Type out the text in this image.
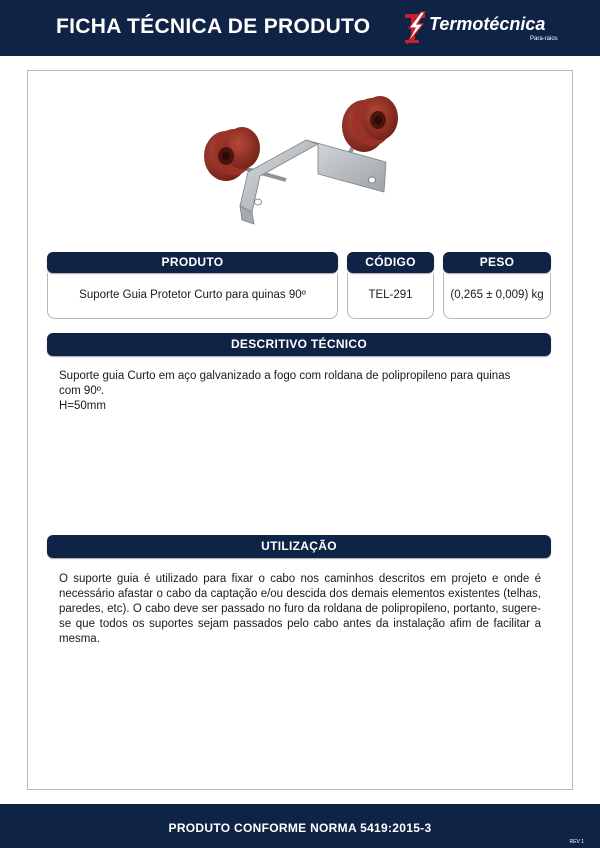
FICHA TÉCNICA DE PRODUTO	Termotécnica
Para-raios
PRODUTO	CÓDIGO	PESO
Suporte Guia Protetor Curto para quinas 90º	TEL-291	(0,265 ± 0,009) kg
DESCRITIVO TÉCNICO
Suporte guia Curto em aço galvanizado a fogo com roldana de polipropileno para quinas
com 90º.
H=50mm
UTILIZAÇÃO
O suporte guia é utilizado para fixar o cabo nos caminhos descritos em projeto e onde é necessário afastar o cabo da captação e/ou descida dos demais elementos existentes (telhas, paredes, etc). O cabo deve ser passado no furo da roldana de polipropileno, portanto, sugere-se que todos os suportes sejam passados pelo cabo antes da instalação afim de facilitar a mesma.
PRODUTO CONFORME NORMA 5419:2015-3
REV 1
